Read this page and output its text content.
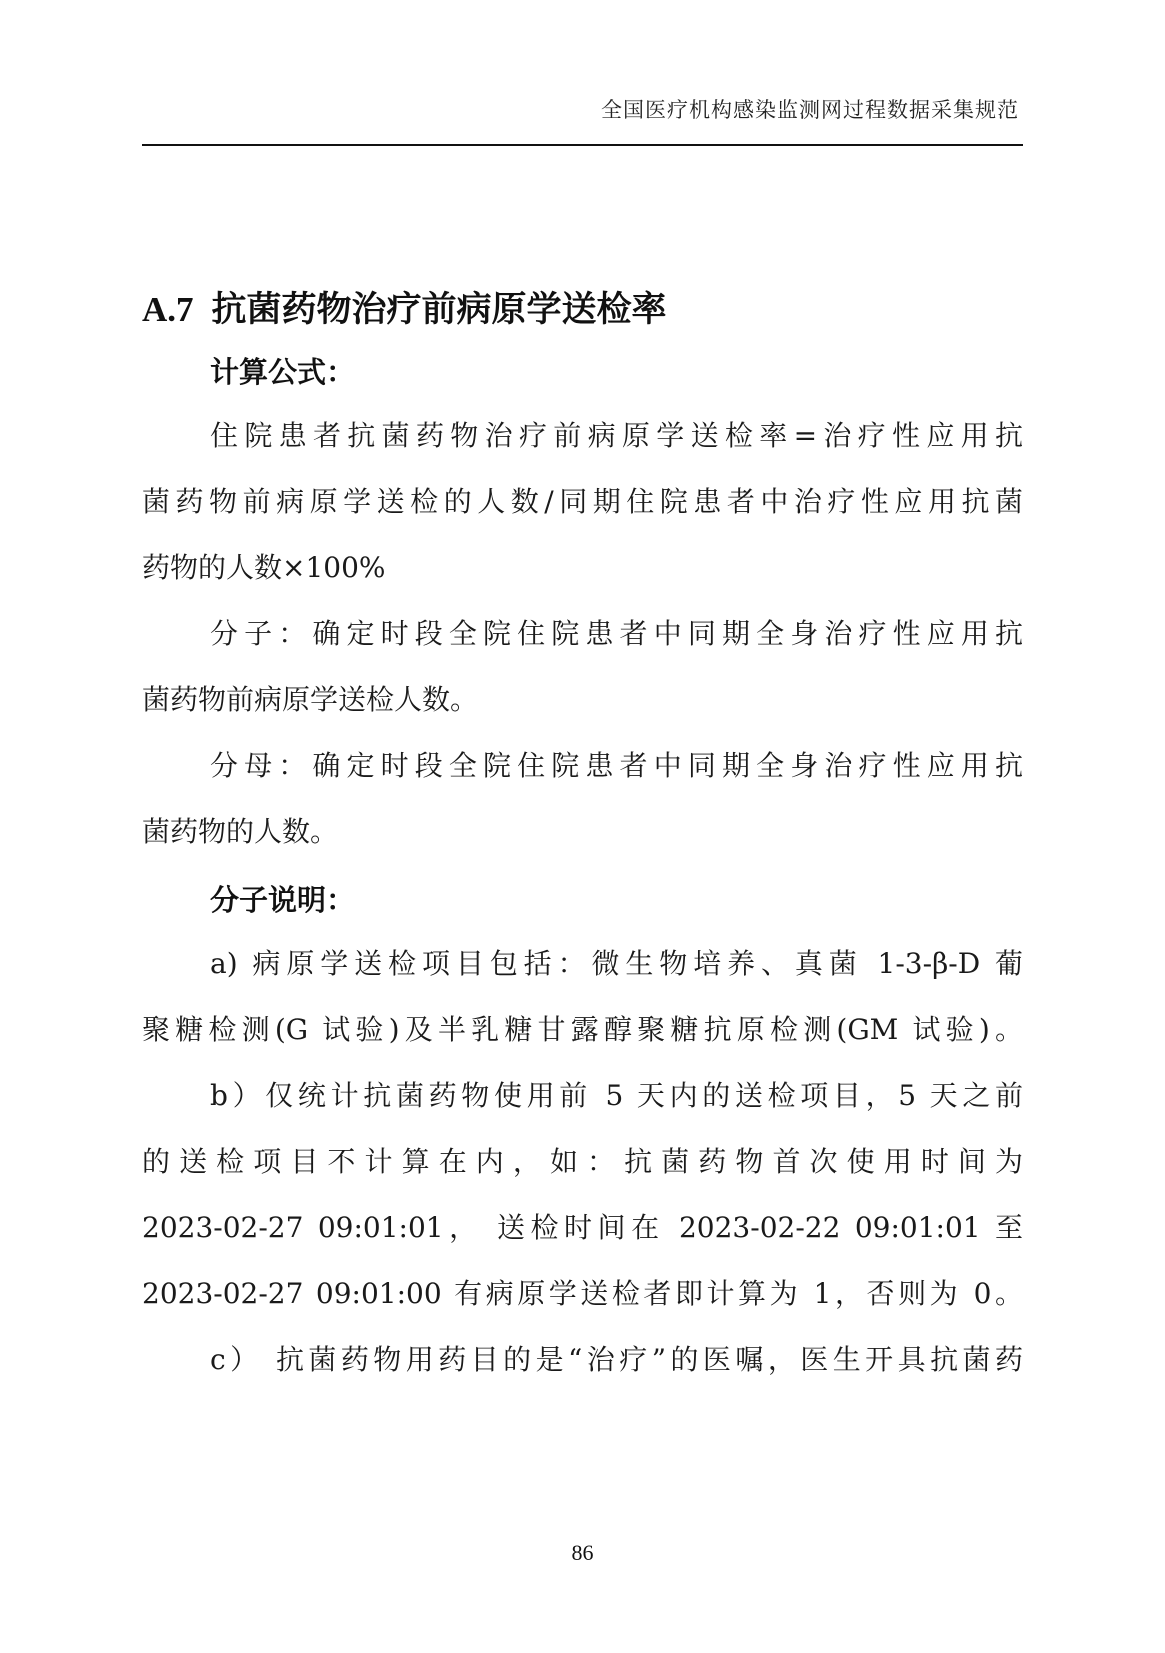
全国医疗机构感染监测网过程数据采集规范
A.7 抗菌药物治疗前病原学送检率
计算公式：
住院患者抗菌药物治疗前病原学送检率=治疗性应用抗
菌药物前病原学送检的人数/同期住院患者中治疗性应用抗菌
药物的人数×100%
分子：确定时段全院住院患者中同期全身治疗性应用抗
菌药物前病原学送检人数。
分母：确定时段全院住院患者中同期全身治疗性应用抗
菌药物的人数。
分子说明：
a) 病原学送检项目包括：微生物培养、真菌 1-3-β-D 葡
聚糖检测(G 试验)及半乳糖甘露醇聚糖抗原检测(GM 试验)。
b）仅统计抗菌药物使用前 5 天内的送检项目，5 天之前
的送检项目不计算在内，如：抗菌药物首次使用时间为
2023-02-27 09:01:01， 送检时间在 2023-02-22 09:01:01 至
2023-02-27 09:01:00 有病原学送检者即计算为 1，否则为 0。
c） 抗菌药物用药目的是“治疗”的医嘱，医生开具抗菌药
86
